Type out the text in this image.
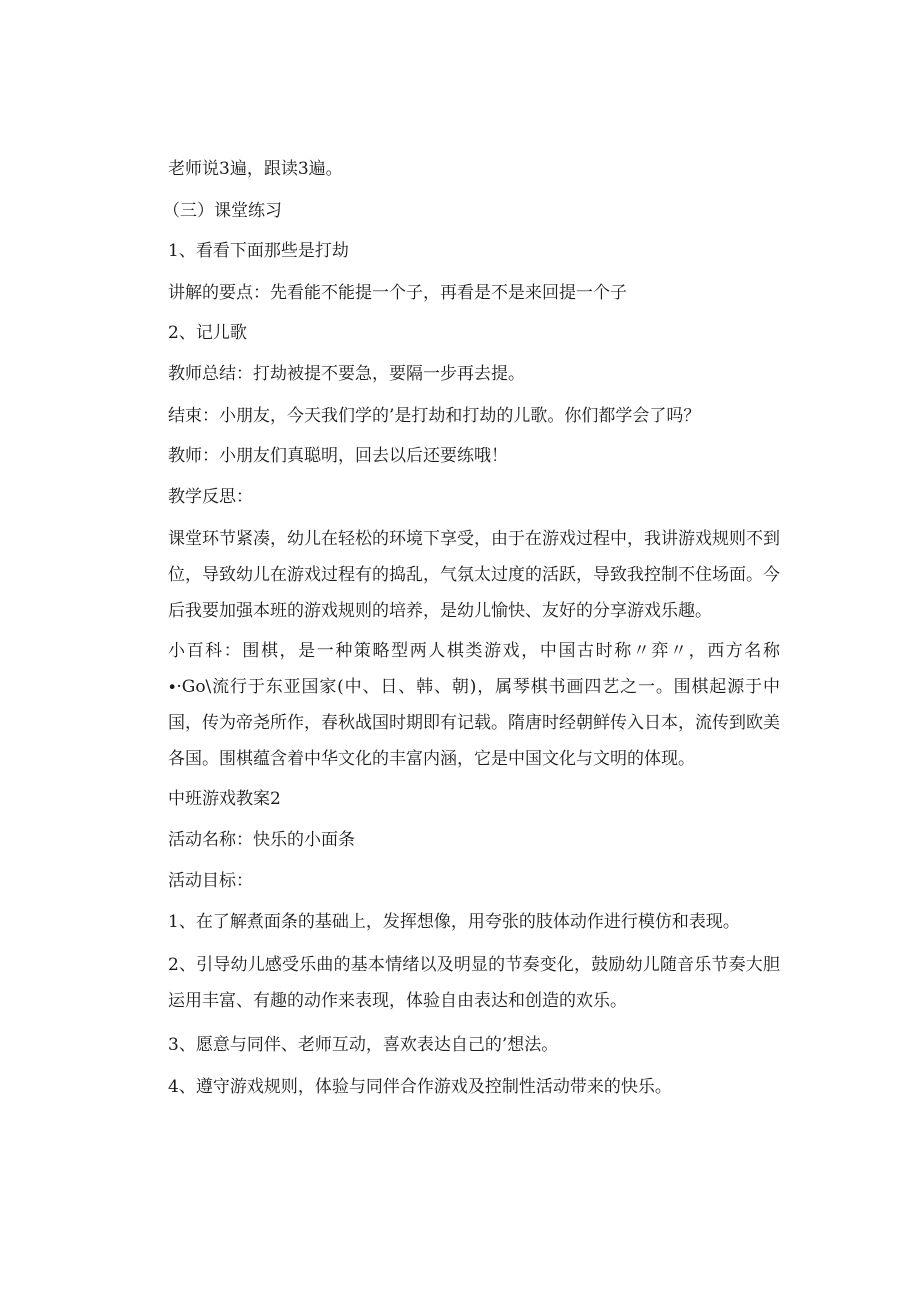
老师说3遍，跟读3遍。
（三）课堂练习
1、看看下面那些是打劫
讲解的要点：先看能不能提一个子，再看是不是来回提一个子
2、记儿歌
教师总结：打劫被提不要急，要隔一步再去提。
结束：小朋友，今天我们学的’是打劫和打劫的儿歌。你们都学会了吗？
教师：小朋友们真聪明，回去以后还要练哦！
教学反思：
课堂环节紧凑，幼儿在轻松的环境下享受，由于在游戏过程中，我讲游戏规则不到位，导致幼儿在游戏过程有的捣乱，气氛太过度的活跃，导致我控制不住场面。今后我要加强本班的游戏规则的培养，是幼儿愉快、友好的分享游戏乐趣。
小百科：围棋，是一种策略型两人棋类游戏，中国古时称〃弈〃，西方名称∙·Go\流行于东亚国家(中、日、韩、朝)，属琴棋书画四艺之一。围棋起源于中国，传为帝尧所作，春秋战国时期即有记载。隋唐时经朝鲜传入日本，流传到欧美各国。围棋蕴含着中华文化的丰富内涵，它是中国文化与文明的体现。
中班游戏教案2
活动名称：快乐的小面条
活动目标：
1、在了解煮面条的基础上，发挥想像，用夸张的肢体动作进行模仿和表现。
2、引导幼儿感受乐曲的基本情绪以及明显的节奏变化，鼓励幼儿随音乐节奏大胆运用丰富、有趣的动作来表现，体验自由表达和创造的欢乐。
3、愿意与同伴、老师互动，喜欢表达自己的’想法。
4、遵守游戏规则，体验与同伴合作游戏及控制性活动带来的快乐。
